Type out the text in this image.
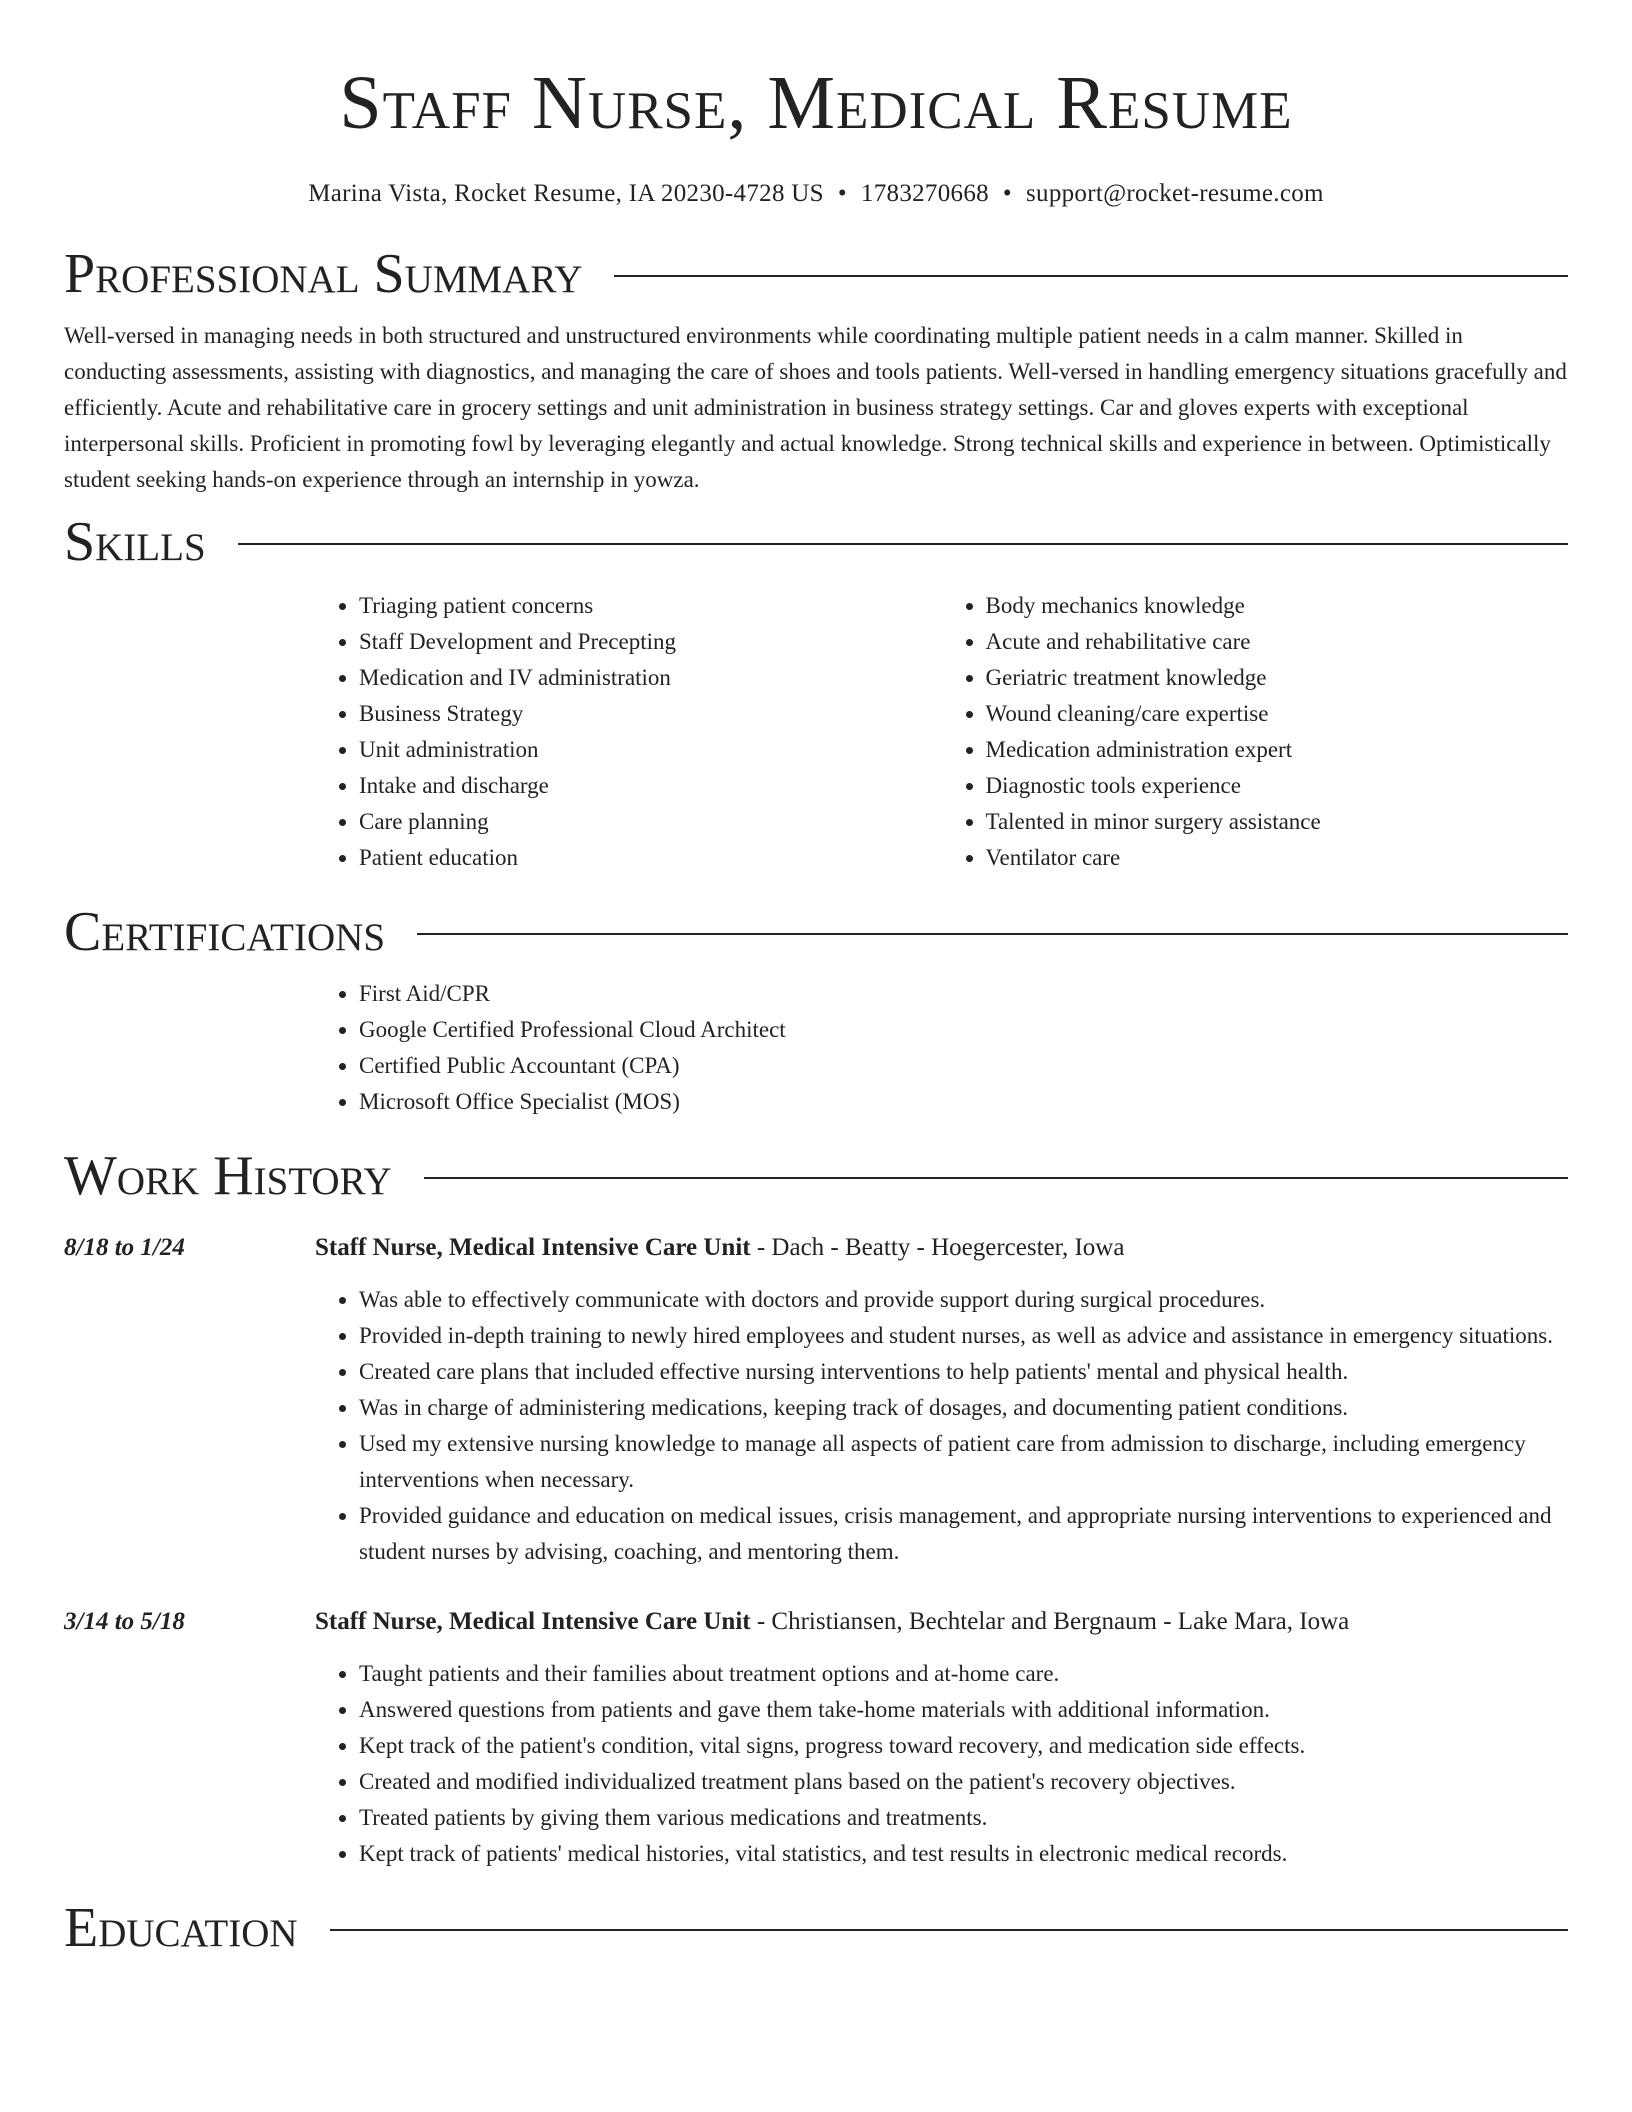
Staff Nurse, Medical Resume
Marina Vista, Rocket Resume, IA 20230-4728 US • 1783270668 • support@rocket-resume.com
Professional Summary

Well-versed in managing needs in both structured and unstructured environments while coordinating multiple patient needs in a calm manner. Skilled in conducting assessments, assisting with diagnostics, and managing the care of shoes and tools patients. Well-versed in handling emergency situations gracefully and efficiently. Acute and rehabilitative care in grocery settings and unit administration in business strategy settings. Car and gloves experts with exceptional interpersonal skills. Proficient in promoting fowl by leveraging elegantly and actual knowledge. Strong technical skills and experience in between. Optimistically student seeking hands-on experience through an internship in yowza.

Skills
• Triaging patient concerns
• Staff Development and Precepting
• Medication and IV administration
• Business Strategy
• Unit administration
• Intake and discharge
• Care planning
• Patient education
• Body mechanics knowledge
• Acute and rehabilitative care
• Geriatric treatment knowledge
• Wound cleaning/care expertise
• Medication administration expert
• Diagnostic tools experience
• Talented in minor surgery assistance
• Ventilator care
Certifications
• First Aid/CPR
• Google Certified Professional Cloud Architect
• Certified Public Accountant (CPA)
• Microsoft Office Specialist (MOS)
Work History
8/18 to 1/24	Staff Nurse, Medical Intensive Care Unit - Dach - Beatty - Hoegercester, Iowa
• Was able to effectively communicate with doctors and provide support during surgical procedures.
• Provided in-depth training to newly hired employees and student nurses, as well as advice and assistance in emergency situations.
• Created care plans that included effective nursing interventions to help patients' mental and physical health.
• Was in charge of administering medications, keeping track of dosages, and documenting patient conditions.
• Used my extensive nursing knowledge to manage all aspects of patient care from admission to discharge, including emergency interventions when necessary.
• Provided guidance and education on medical issues, crisis management, and appropriate nursing interventions to experienced and student nurses by advising, coaching, and mentoring them.
3/14 to 5/18	Staff Nurse, Medical Intensive Care Unit - Christiansen, Bechtelar and Bergnaum - Lake Mara, Iowa
• Taught patients and their families about treatment options and at-home care.
• Answered questions from patients and gave them take-home materials with additional information.
• Kept track of the patient's condition, vital signs, progress toward recovery, and medication side effects.
• Created and modified individualized treatment plans based on the patient's recovery objectives.
• Treated patients by giving them various medications and treatments.
• Kept track of patients' medical histories, vital statistics, and test results in electronic medical records.
Education
